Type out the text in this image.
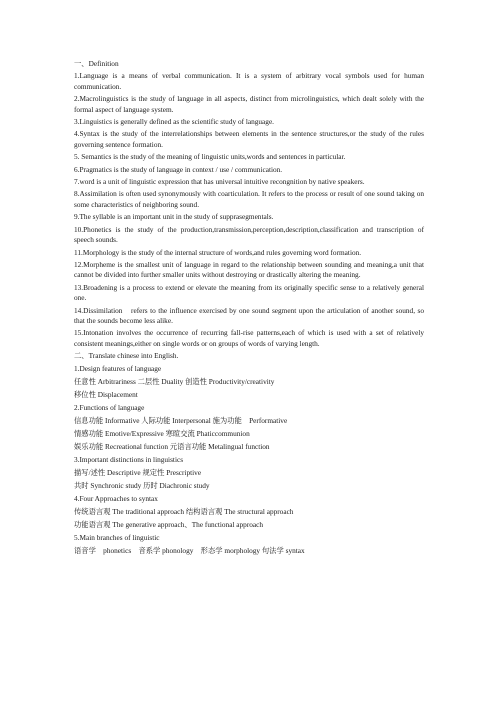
一、Definition
1.Language is a means of verbal communication. It is a system of arbitrary vocal symbols used for human communication.
2.Macrolinguistics is the study of language in all aspects, distinct from microlinguistics, which dealt solely with the formal aspect of language system.
3.Linguistics is generally defined as the scientific study of language.
4.Syntax is the study of the interrelationships between elements in the sentence structures,or the study of the rules governing sentence formation.
5. Semantics is the study of the meaning of linguistic units,words and sentences in particular.
6.Pragmatics is the study of language in context / use / communication.
7.word is a unit of linguistic expression that has universal intuitive recongnition by native speakers.
8.Assimilation is often used synonymously with coarticulation. It refers to the process or result of one sound taking on some characteristics of neighboring sound.
9.The syllable is an important unit in the study of supprasegmentals.
10.Phonetics is the study of the production,transmission,perception,description,classification and transcription of speech sounds.
11.Morphology is the study of the internal structure of words,and rules governing word formation.
12.Morpheme is the smallest unit of language in regard to the relationship between sounding and meaning,a unit that cannot be divided into further smaller units without destroying or drastically altering the meaning.
13.Broadening is a process to extend or elevate the meaning from its originally specific sense to a relatively general one.
14.Dissimilation　refers to the influence exercised by one sound segment upon the articulation of another sound, so that the sounds become less alike.
15.Intonation involves the occurrence of recurring fall-rise patterns,each of which is used with a set of relatively consistent meanings,either on single words or on groups of words of varying length.
二、Translate chinese into English.
1.Design features of language
任意性 Arbitrariness 二层性 Duality 创造性 Productivity/creativity
移位性 Displacement
2.Functions of language
信息功能 Informative 人际功能 Interpersonal 施为功能　Performative
情感功能 Emotive/Expressive 寒暄交流 Phaticcommunion
娱乐功能 Recreational function 元语言功能 Metalingual function
3.Important distinctions in linguistics
描写/述性 Descriptive 规定性 Prescriptive
共时 Synchronic study 历时 Diachronic study
4.Four Approaches to syntax
传统语言观 The traditional approach 结构语言观 The structural approach
功能语言观 The generative approach、The functional approach
5.Main branches of linguistic
语音学　phonetics　音系学 phonology　形态学 morphology 句法学 syntax
